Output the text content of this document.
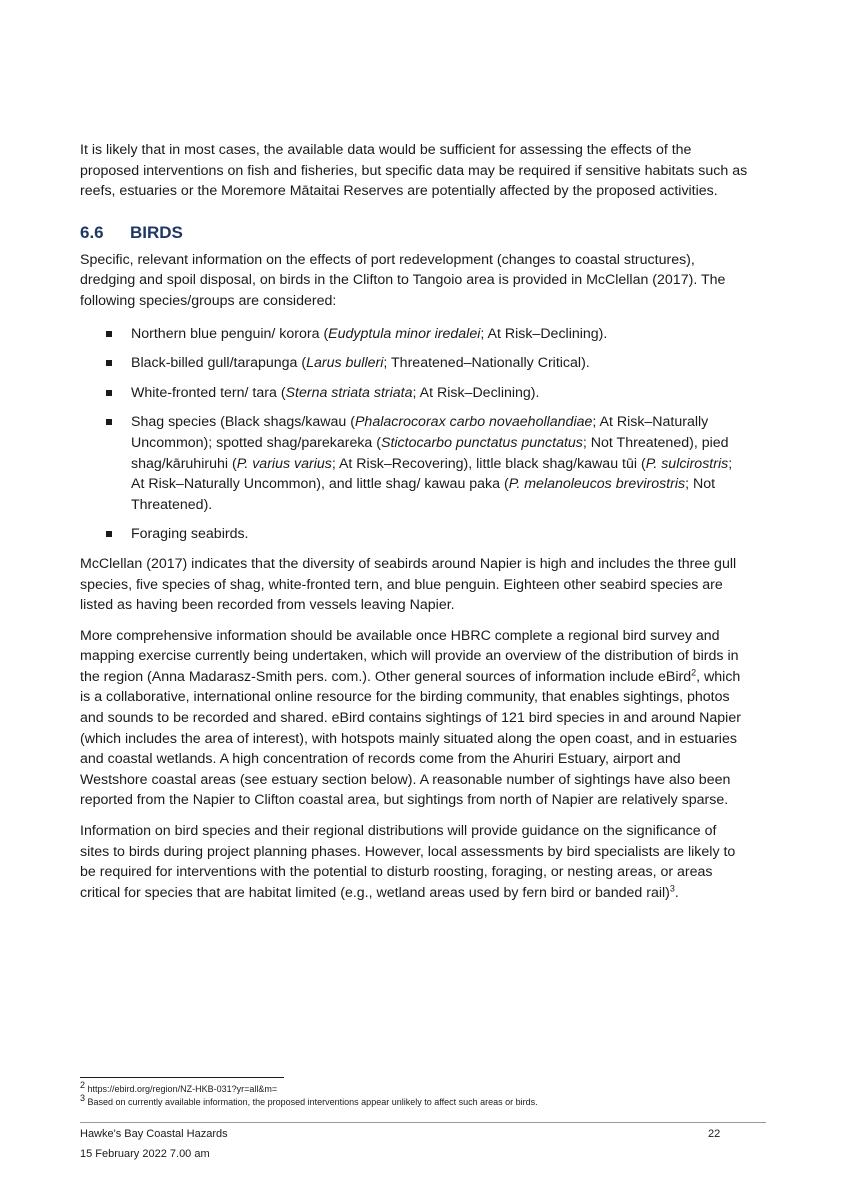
It is likely that in most cases, the available data would be sufficient for assessing the effects of the proposed interventions on fish and fisheries, but specific data may be required if sensitive habitats such as reefs, estuaries or the Moremore Mātaitai Reserves are potentially affected by the proposed activities.

6.6 BIRDS

Specific, relevant information on the effects of port redevelopment (changes to coastal structures), dredging and spoil disposal, on birds in the Clifton to Tangoio area is provided in McClellan (2017). The following species/groups are considered:

Northern blue penguin/ korora (Eudyptula minor iredalei; At Risk–Declining).
Black-billed gull/tarapunga (Larus bulleri; Threatened–Nationally Critical).
White-fronted tern/ tara (Sterna striata striata; At Risk–Declining).
Shag species (Black shags/kawau (Phalacrocorax carbo novaehollandiae; At Risk–Naturally Uncommon); spotted shag/parekareka (Stictocarbo punctatus punctatus; Not Threatened), pied shag/kāruhiruhi (P. varius varius; At Risk–Recovering), little black shag/kawau tūi (P. sulcirostris; At Risk–Naturally Uncommon), and little shag/ kawau paka (P. melanoleucos brevirostris; Not Threatened).
Foraging seabirds.

McClellan (2017) indicates that the diversity of seabirds around Napier is high and includes the three gull species, five species of shag, white-fronted tern, and blue penguin. Eighteen other seabird species are listed as having been recorded from vessels leaving Napier.

More comprehensive information should be available once HBRC complete a regional bird survey and mapping exercise currently being undertaken, which will provide an overview of the distribution of birds in the region (Anna Madarasz-Smith pers. com.). Other general sources of information include eBird$^2$, which is a collaborative, international online resource for the birding community, that enables sightings, photos and sounds to be recorded and shared. eBird contains sightings of 121 bird species in and around Napier (which includes the area of interest), with hotspots mainly situated along the open coast, and in estuaries and coastal wetlands. A high concentration of records come from the Ahuriri Estuary, airport and Westshore coastal areas (see estuary section below). A reasonable number of sightings have also been reported from the Napier to Clifton coastal area, but sightings from north of Napier are relatively sparse.

Information on bird species and their regional distributions will provide guidance on the significance of sites to birds during project planning phases. However, local assessments by bird specialists are likely to be required for interventions with the potential to disturb roosting, foraging, or nesting areas, or areas critical for species that are habitat limited (e.g., wetland areas used by fern bird or banded rail)$^3$.

$^2$ https://ebird.org/region/NZ-HKB-031?yr=all&m=
$^3$ Based on currently available information, the proposed interventions appear unlikely to affect such areas or birds.
Hawke's Bay Coastal Hazards	22
15 February 2022 7.00 am
